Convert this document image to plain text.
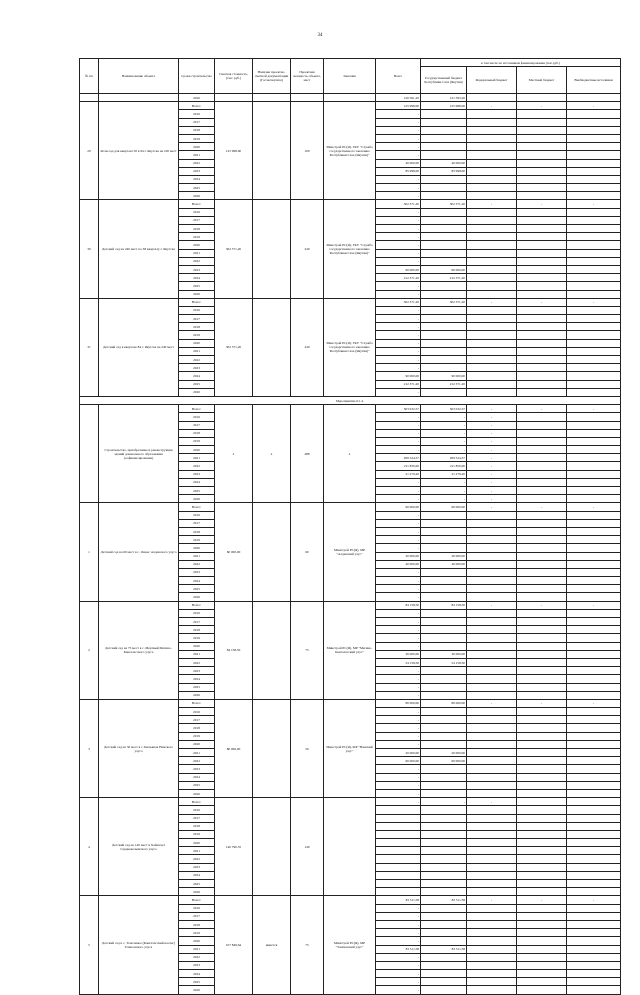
34
№ пп	Наименование объекта	Сроки строительства	Сметная стоимость, (тыс. руб.)	Наличие проектно-сметной документации (Госэкспертиза)	Проектная мощность объекта, мест	Заказчик	Всего	в том числе по источникам финансирования (тыс.руб.)			
								Государственный бюджет Республики Саха (Якутия)	Федеральный бюджет	Местный бюджет	Внебюджетные источники
		2026					126 561,20	121 593,20			
29	Ясли-сад для квартала 50 в 94 г. Якутска на 100 мест	Всего:	125 998,00		100	Минстрой РС(Я), ГКУ "Служба государственного заказчика Республики Саха (Якутия)"	125 998,00	125 998,00	-	-	-
		2016					-				
		2017					-				
		2018					-				
		2019					-				
		2020					-				
		2021					-				
		2022					40 000,00	40 000,00			
		2023					85 998,00	85 998,00			
		2024					-				
		2025					-				
		2026					-				
30	Детский сад на 240 мест по 38 кварталу г. Якутска	Всего:	302 371,20		240	Минстрой РС(Я), ГКУ "Служба государственного заказчика Республики Саха (Якутия)"	302 371,20	302 371,20	-	-	-
		2016					-				
		2017					-				
		2018					-				
		2019					-				
		2020					-				
		2021					-				
		2022					-				
		2023					90 000,00	90 000,00			
		2024					212 371,20	212 371,20			
		2025					-				
		2026					-				
31	Детский сад в квартале 84 г. Якутска на 240 мест	Всего:	302 371,20		240	Минстрой РС(Я), ГКУ "Служба государственного заказчика Республики Саха (Якутия)"	302 371,20	302 371,20	-	-	-
		2016					-				
		2017					-				
		2018					-				
		2019					-				
		2020					-				
		2021					-				
		2022					-				
		2023					-				
		2024					90 000,00	90 000,00			
		2025					212 371,20	212 371,20			
		2026					-				
Мероприятие 6.1.2.											
	Строительство, приобретение и реконструкция зданий дошкольного образования (софинансирование)	Всего:	х	х	488	х	503 032,57	503 032,57	-	-	-
		2016					-	-	-		
		2017					-	-	-		
		2018					-	-	-		
		2019					-	-	-		
		2020					-	-	-		
		2021					269 524,57	269 524,57	-		
		2022					211 850,00	211 850,00	-		
		2023					21 279,20	21 279,20	-		
		2024					-	-	-		
		2025					-	-	-		
		2026					-	-	-		
1	Детский сад на 60 мест в с. Оннес Алданского улуса	Всего:	60 000,00		60	Минстрой РС(Я), МР "Алданский улус"	60 000,00	60 000,00	-	-	-
		2016					-				
		2017					-				
		2018					-				
		2019					-				
		2020					-				
		2021					20 000,00	20 000,00			
		2022					40 000,00	40 000,00			
		2023					-				
		2024					-				
		2025					-				
		2026					-				
2	Детский сад на 75 мест в с. Мертвый Мегино-Кангаласского улуса	Всего:	84 158,50		75	Минстрой РС(Я), МР "Мегино-Кангаласский улус"	84 158,50	84 158,50	-	-	-
		2016					-				
		2017					-				
		2018					-				
		2019					-				
		2020					-				
		2021					30 000,00	30 000,00			
		2022					54 158,50	54 158,50			
		2023					-				
		2024					-				
		2025					-				
		2026					-				
3	Детский сад на 50 мест в с. Кильянок Намского улуса	Всего:	80 000,00		50	Минстрой РС(Я), МР "Намский улус"	80 000,00	80 000,00	-	-	-
		2016					-				
		2017					-				
		2018					-				
		2019					-				
		2020					-				
		2021					20 000,00	20 000,00			
		2022					60 000,00	60 000,00			
		2023					-				
		2024					-				
		2025					-				
		2026					-				
4	Детский сад на 140 мест в Хайахсыт Среднеколымского улуса	Всего:	140 790,35		140		-	-	-		
		2016									
		2017									
		2018									
		2019									
		2020									
		2021									
		2022									
		2023									
		2024									
		2025									
		2026									
5	Детский сад в с. Тополиное (Кангаласский наслег) Томпонского улуса	Всего:	107 849,64	имеется	75	Минстрой РС(Я), МР "Томпонский улус"	83 511,58	83 511,58	-	-	-
		2016					-				
		2017					-				
		2018					-				
		2019					-				
		2020					-				
		2021					83 511,58	83 511,58			
		2022					-				
		2023					-				
		2024					-				
		2025					-				
		2026					-				
